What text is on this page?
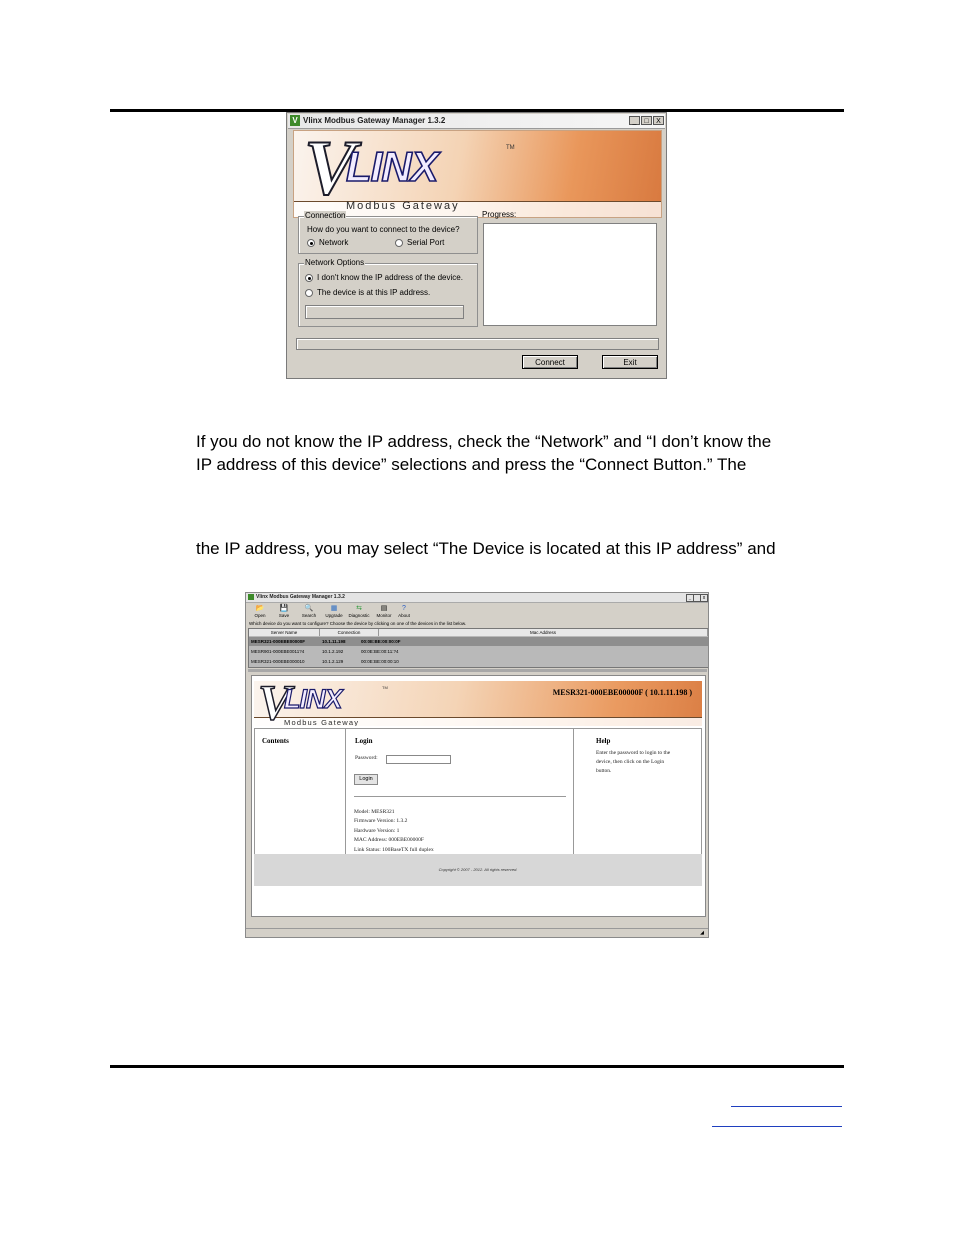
V Vlinx Modbus Gateway Manager 1.3.2	_	□	X
V
LINX	TM
Modbus Gateway
Connection
How do you want to connect to the device?
Network	Serial Port
Network Options
I don't know the IP address of the device.
The device is at this IP address.
Progress:
Connect	Exit
If you do not know the IP address, check the “Network” and “I don’t know the
IP address of this device” selections and press the “Connect Button.” The
the IP address, you may select “The Device is located at this IP address” and
Vlinx Modbus Gateway Manager 1.3.2	_	x
📂
Open
💾
Save
🔍
Search
▦
Upgrade
⇆
Diagnostic
▤
Monitor
?
About
Which device do you want to configure? Choose the device by clicking on one of the devices in the list below.
Server Name	Connection	Mac Address
MESR321-000EBE00000F	10.1.11.198	00:0E:BE:00:00:0F
MESR901-000EBE0011?4	10.1.2.192	00:0E:BE:00:11:?4
MESR321-000EBE000010	10.1.2.129	00:0E:BE:00:00:10
V
LINX	TM
Modbus Gateway
MESR321-000EBE00000F ( 10.1.11.198 )
Contents	Login
Password:
Login
Model: MESR321
Firmware Version: 1.3.2
Hardware Version: 1
MAC Address: 000EBE00000F
Link Status: 100BaseTX full duplex
Help
Enter the password to login to the
device, then click on the Login
button.
Copyright © 2007 - 2012. All rights reserved.
◢
